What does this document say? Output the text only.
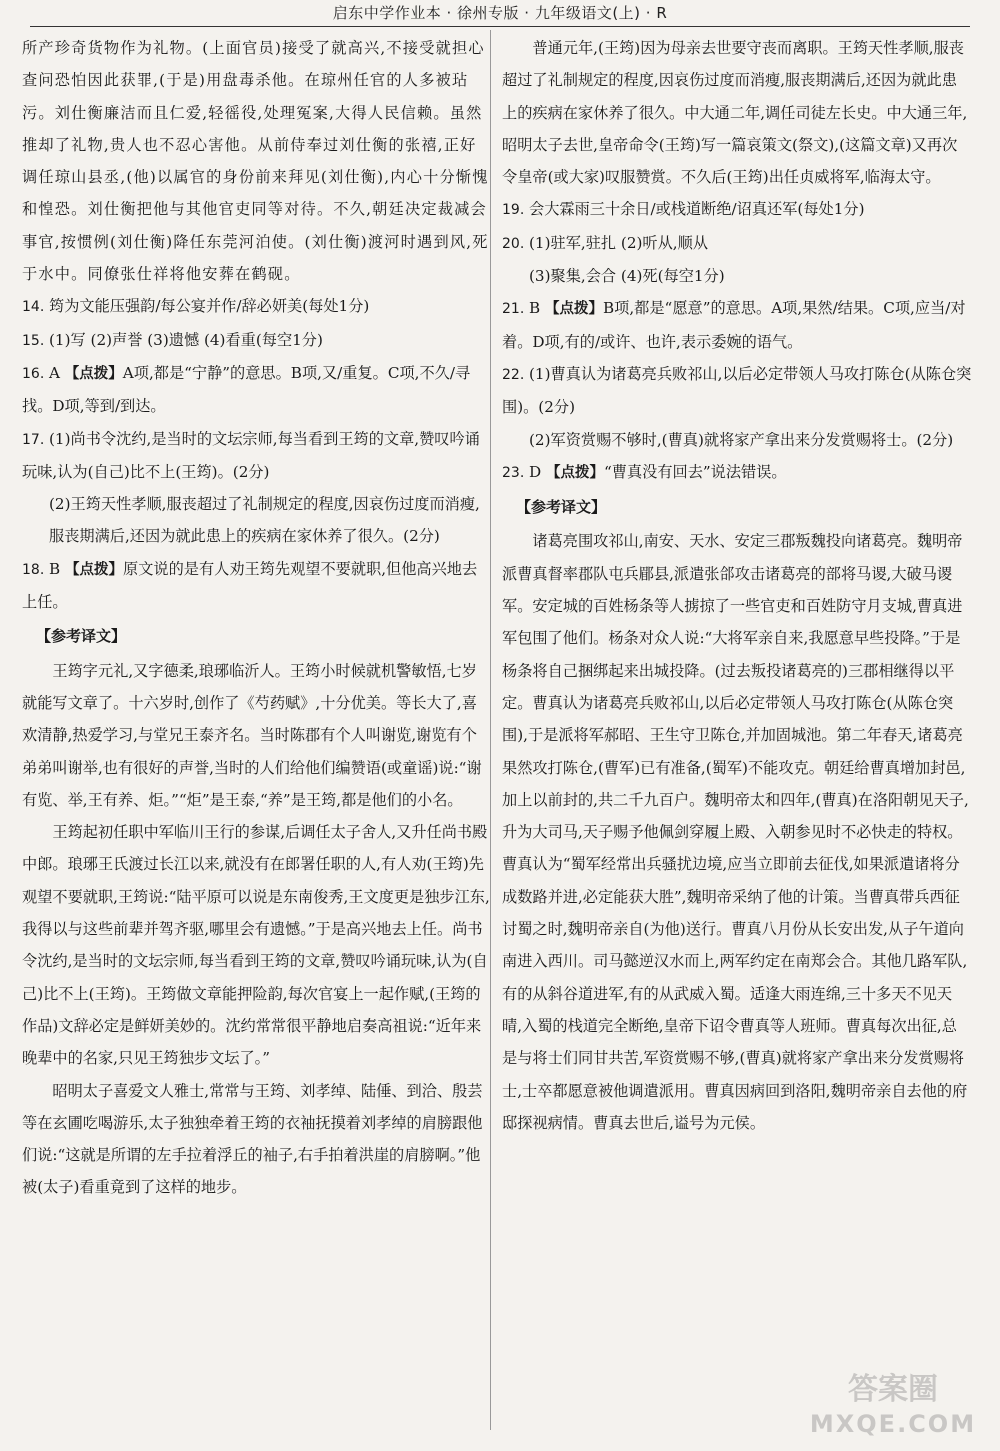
启东中学作业本 · 徐州专版 · 九年级语文(上) · R

所产珍奇货物作为礼物。(上面官员)接受了就高兴,不接受就担心查问恐怕因此获罪,(于是)用盘毒杀他。在琼州任官的人多被玷污。刘仕衡廉洁而且仁爱,轻徭役,处理冤案,大得人民信赖。虽然推却了礼物,贵人也不忍心害他。从前侍奉过刘仕衡的张禧,正好调任琼山县丞,(他)以属官的身份前来拜见(刘仕衡),内心十分惭愧和惶恐。刘仕衡把他与其他官吏同等对待。不久,朝廷决定裁减会事官,按惯例(刘仕衡)降任东莞河泊使。(刘仕衡)渡河时遇到风,死于水中。同僚张仕祥将他安葬在鹤砚。

14. 筠为文能压强韵/每公宴并作/辞必妍美(每处1分)
15. (1)写 (2)声誉 (3)遗憾 (4)看重(每空1分)
16. A 【点拨】A项,都是“宁静”的意思。B项,又/重复。C项,不久/寻找。D项,等到/到达。
17. (1)尚书令沈约,是当时的文坛宗师,每当看到王筠的文章,赞叹吟诵玩味,认为(自己)比不上(王筠)。(2分)

(2)王筠天性孝顺,服丧超过了礼制规定的程度,因哀伤过度而消瘦,服丧期满后,还因为就此患上的疾病在家休养了很久。(2分)

18. B 【点拨】原文说的是有人劝王筠先观望不要就职,但他高兴地去上任。
【参考译文】

王筠字元礼,又字德柔,琅琊临沂人。王筠小时候就机警敏悟,七岁就能写文章了。十六岁时,创作了《芍药赋》,十分优美。等长大了,喜欢清静,热爱学习,与堂兄王泰齐名。当时陈郡有个人叫谢览,谢览有个弟弟叫谢举,也有很好的声誉,当时的人们给他们编赞语(或童谣)说:“谢有览、举,王有养、炬。”“炬”是王泰,“养”是王筠,都是他们的小名。

王筠起初任职中军临川王行的参谋,后调任太子舍人,又升任尚书殿中郎。琅琊王氏渡过长江以来,就没有在郎署任职的人,有人劝(王筠)先观望不要就职,王筠说:“陆平原可以说是东南俊秀,王文度更是独步江东,我得以与这些前辈并驾齐驱,哪里会有遗憾。”于是高兴地去上任。尚书令沈约,是当时的文坛宗师,每当看到王筠的文章,赞叹吟诵玩味,认为(自己)比不上(王筠)。王筠做文章能押险韵,每次官宴上一起作赋,(王筠的作品)文辞必定是鲜妍美妙的。沈约常常很平静地启奏高祖说:“近年来晚辈中的名家,只见王筠独步文坛了。”

昭明太子喜爱文人雅士,常常与王筠、刘孝绰、陆倕、到洽、殷芸等在玄圃吃喝游乐,太子独独牵着王筠的衣袖抚摸着刘孝绰的肩膀跟他们说:“这就是所谓的左手拉着浮丘的袖子,右手拍着洪崖的肩膀啊。”他被(太子)看重竟到了这样的地步。

普通元年,(王筠)因为母亲去世要守丧而离职。王筠天性孝顺,服丧超过了礼制规定的程度,因哀伤过度而消瘦,服丧期满后,还因为就此患上的疾病在家休养了很久。中大通二年,调任司徒左长史。中大通三年,昭明太子去世,皇帝命令(王筠)写一篇哀策文(祭文),(这篇文章)又再次令皇帝(或大家)叹服赞赏。不久后(王筠)出任贞威将军,临海太守。

19. 会大霖雨三十余日/或栈道断绝/诏真还军(每处1分)
20. (1)驻军,驻扎 (2)听从,顺从

(3)聚集,会合 (4)死(每空1分)

21. B 【点拨】B项,都是“愿意”的意思。A项,果然/结果。C项,应当/对着。D项,有的/或许、也许,表示委婉的语气。
22. (1)曹真认为诸葛亮兵败祁山,以后必定带领人马攻打陈仓(从陈仓突围)。(2分)

(2)军资赏赐不够时,(曹真)就将家产拿出来分发赏赐将士。(2分)

23. D 【点拨】“曹真没有回去”说法错误。
【参考译文】

诸葛亮围攻祁山,南安、天水、安定三郡叛魏投向诸葛亮。魏明帝派曹真督率郡队屯兵郿县,派遣张郃攻击诸葛亮的部将马谡,大破马谡军。安定城的百姓杨条等人掳掠了一些官吏和百姓防守月支城,曹真进军包围了他们。杨条对众人说:“大将军亲自来,我愿意早些投降。”于是杨条将自己捆绑起来出城投降。(过去叛投诸葛亮的)三郡相继得以平定。曹真认为诸葛亮兵败祁山,以后必定带领人马攻打陈仓(从陈仓突围),于是派将军郝昭、王生守卫陈仓,并加固城池。第二年春天,诸葛亮果然攻打陈仓,(曹军)已有准备,(蜀军)不能攻克。朝廷给曹真增加封邑,加上以前封的,共二千九百户。魏明帝太和四年,(曹真)在洛阳朝见天子,升为大司马,天子赐予他佩剑穿履上殿、入朝参见时不必快走的特权。曹真认为“蜀军经常出兵骚扰边境,应当立即前去征伐,如果派遣诸将分成数路并进,必定能获大胜”,魏明帝采纳了他的计策。当曹真带兵西征讨蜀之时,魏明帝亲自(为他)送行。曹真八月份从长安出发,从子午道向南进入西川。司马懿逆汉水而上,两军约定在南郑会合。其他几路军队,有的从斜谷道进军,有的从武威入蜀。适逢大雨连绵,三十多天不见天晴,入蜀的栈道完全断绝,皇帝下诏令曹真等人班师。曹真每次出征,总是与将士们同甘共苦,军资赏赐不够,(曹真)就将家产拿出来分发赏赐将士,士卒都愿意被他调遣派用。曹真因病回到洛阳,魏明帝亲自去他的府邸探视病情。曹真去世后,谥号为元侯。

答案圈
MXQE.COM
